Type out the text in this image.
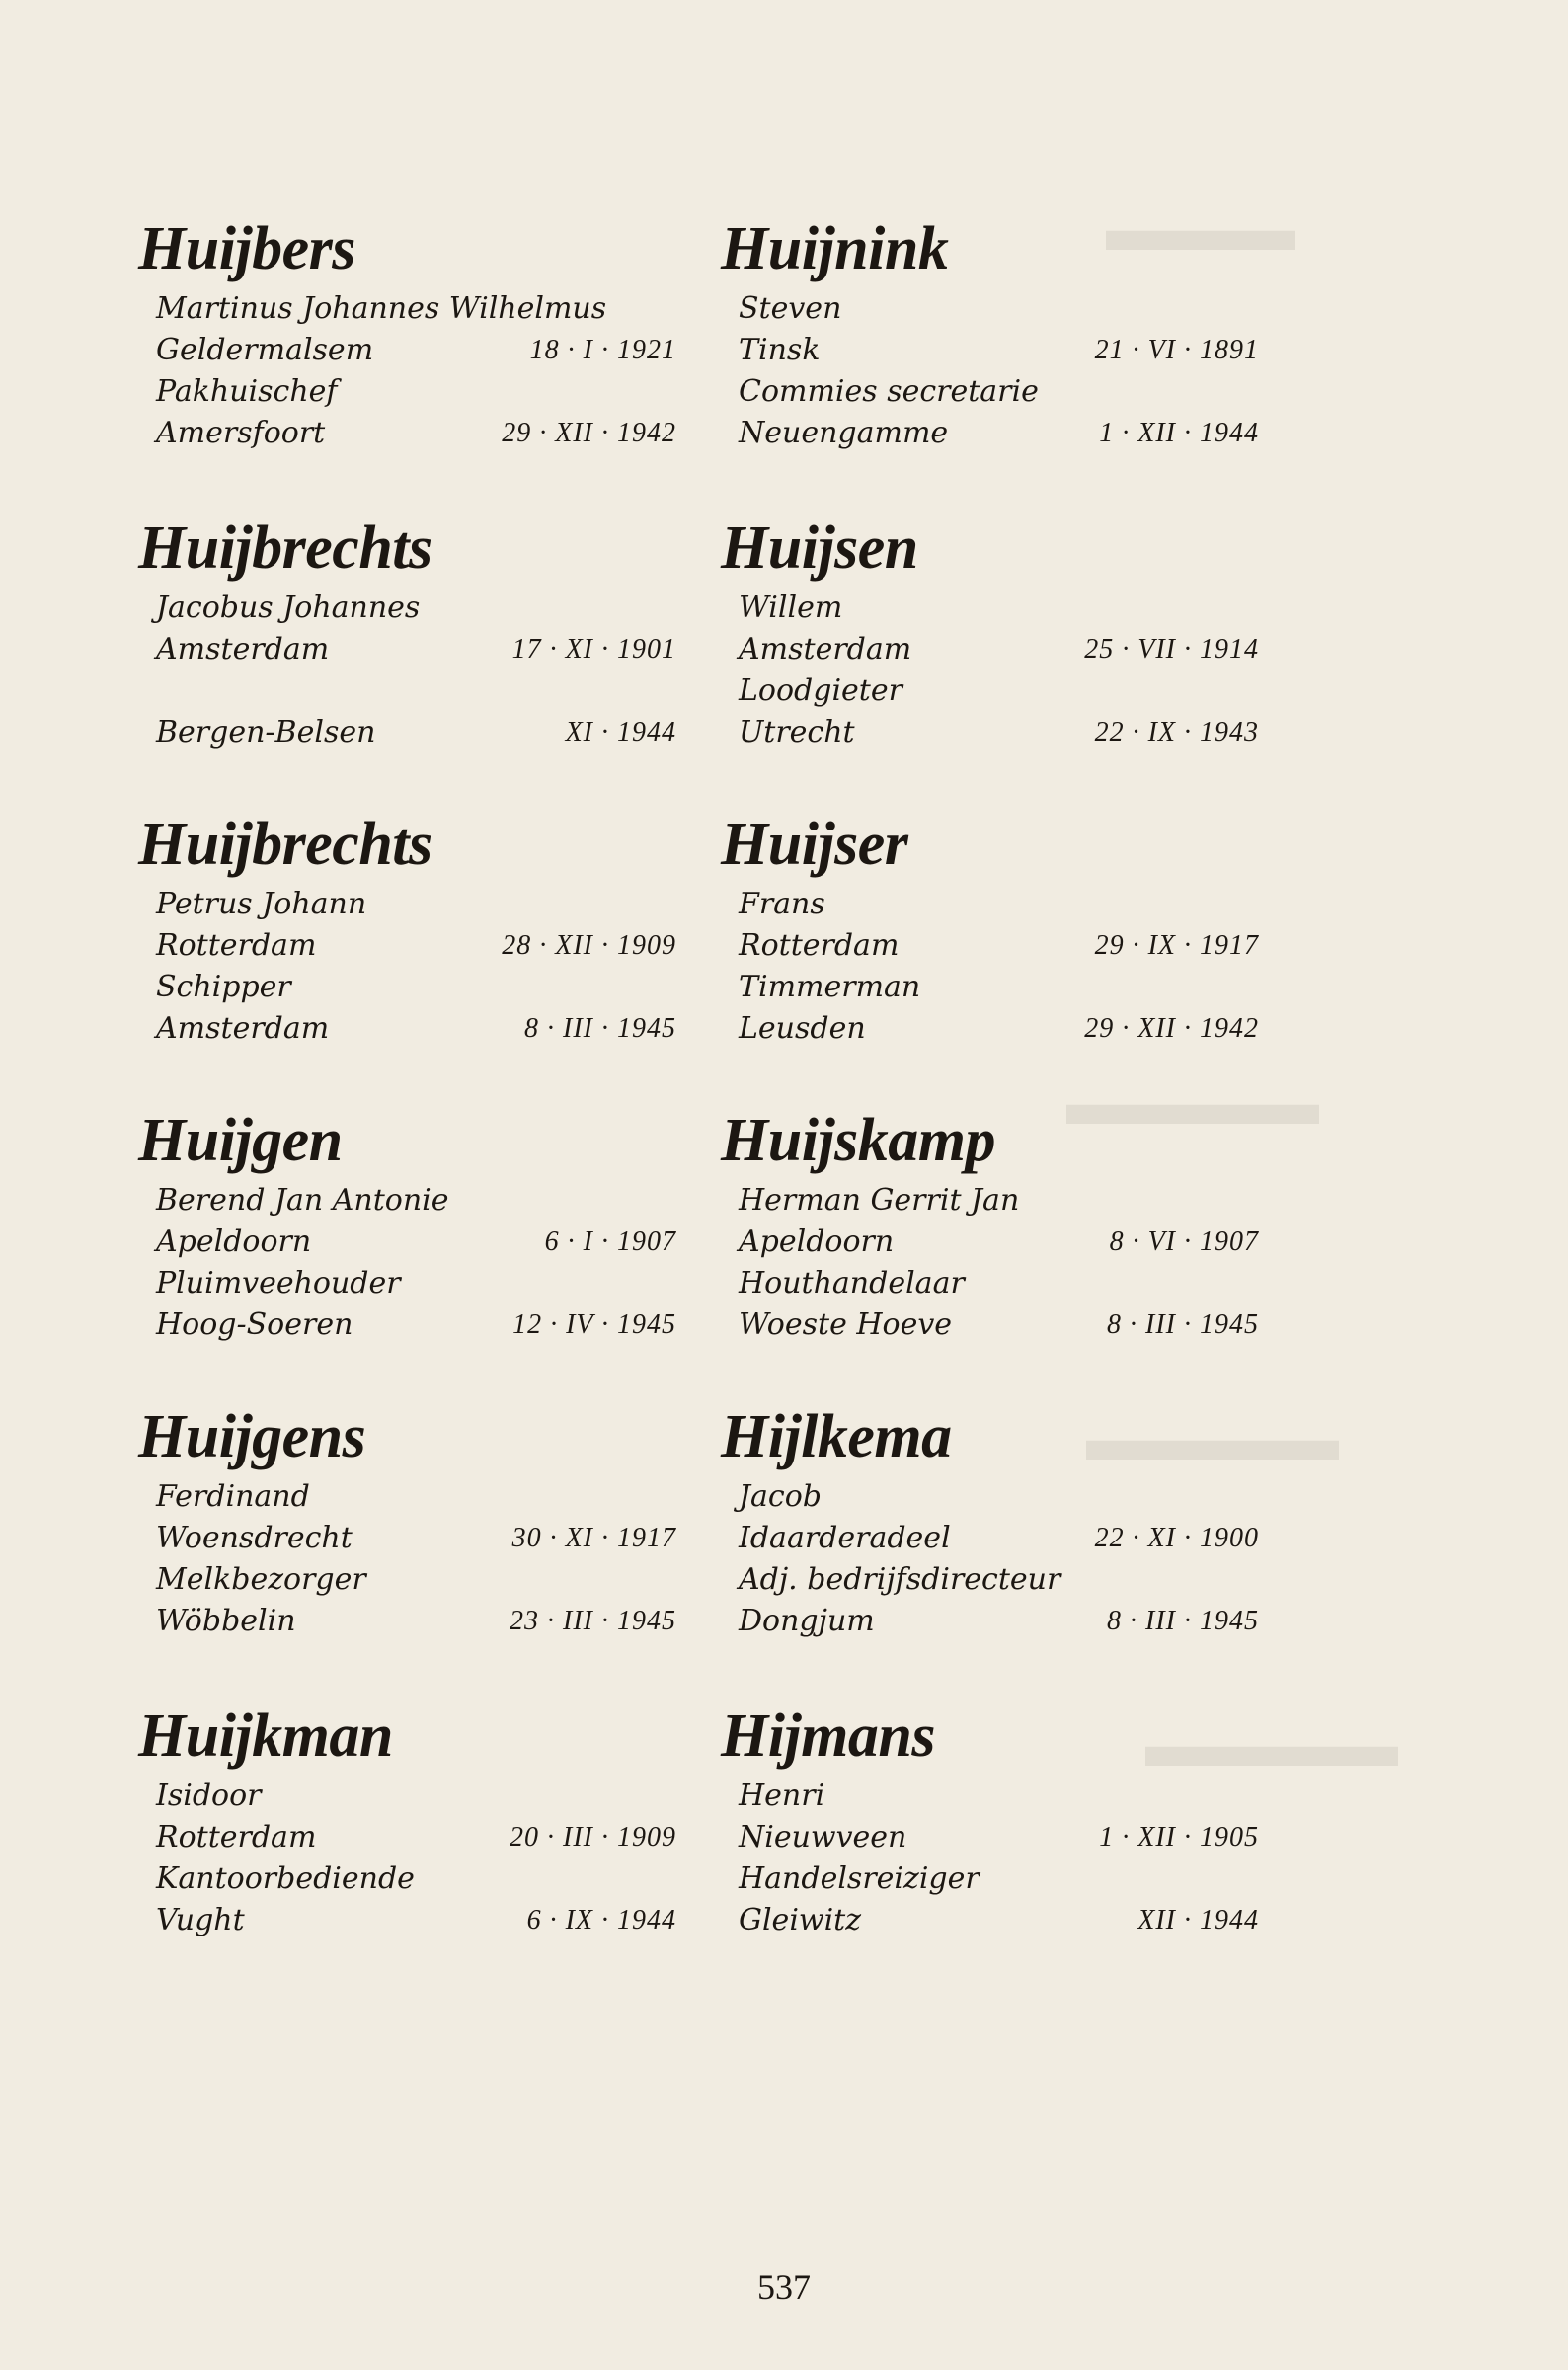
▬▬▬
▬▬▬▬
▬▬▬▬
▬▬▬▬
Huijbers
Martinus Johannes Wilhelmus
Geldermalsem	18 · I · 1921
Pakhuischef
Amersfoort	29 · XII · 1942
Huijnink
Steven
Tinsk	21 · VI · 1891
Commies secretarie
Neuengamme	1 · XII · 1944
Huijbrechts
Jacobus Johannes
Amsterdam	17 · XI · 1901
Bergen-Belsen	XI · 1944
Huijsen
Willem
Amsterdam	25 · VII · 1914
Loodgieter
Utrecht	22 · IX · 1943
Huijbrechts
Petrus Johann
Rotterdam	28 · XII · 1909
Schipper
Amsterdam	8 · III · 1945
Huijser
Frans
Rotterdam	29 · IX · 1917
Timmerman
Leusden	29 · XII · 1942
Huijgen
Berend Jan Antonie
Apeldoorn	6 · I · 1907
Pluimveehouder
Hoog-Soeren	12 · IV · 1945
Huijskamp
Herman Gerrit Jan
Apeldoorn	8 · VI · 1907
Houthandelaar
Woeste Hoeve	8 · III · 1945
Huijgens
Ferdinand
Woensdrecht	30 · XI · 1917
Melkbezorger
Wöbbelin	23 · III · 1945
Hijlkema
Jacob
Idaarderadeel	22 · XI · 1900
Adj. bedrijfsdirecteur
Dongjum	8 · III · 1945
Huijkman
Isidoor
Rotterdam	20 · III · 1909
Kantoorbediende
Vught	6 · IX · 1944
Hijmans
Henri
Nieuwveen	1 · XII · 1905
Handelsreiziger
Gleiwitz	XII · 1944
537
